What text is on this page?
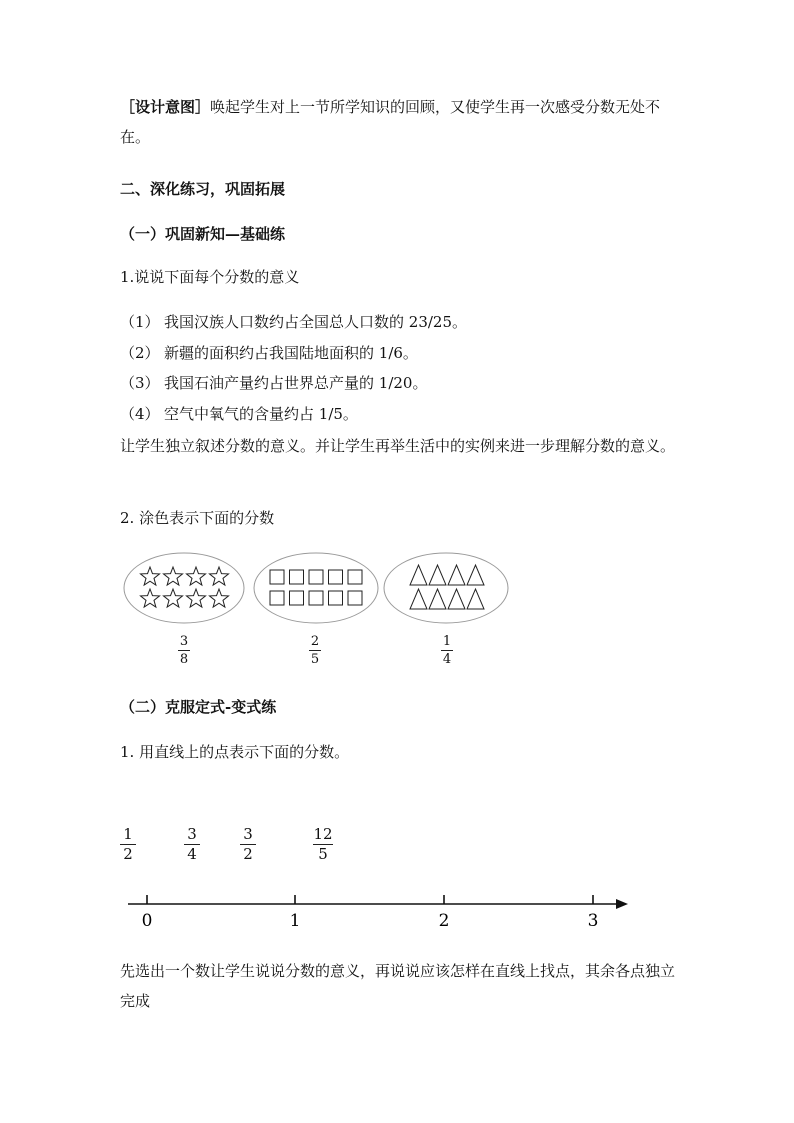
［设计意图］唤起学生对上一节所学知识的回顾，又使学生再一次感受分数无处不在。
二、深化练习，巩固拓展
（一）巩固新知—基础练
1.说说下面每个分数的意义
（1） 我国汉族人口数约占全国总人口数的 23/25。
（2） 新疆的面积约占我国陆地面积的 1/6。
（3） 我国石油产量约占世界总产量的 1/20。
（4） 空气中氧气的含量约占 1/5。
让学生独立叙述分数的意义。并让学生再举生活中的实例来进一步理解分数的意义。
2. 涂色表示下面的分数
0	1	2	3
3
8
2
5
1
4
（二）克服定式-变式练
1. 用直线上的点表示下面的分数。
1
2
3
4
3
2
12
5
先选出一个数让学生说说分数的意义，再说说应该怎样在直线上找点，其余各点独立完成
